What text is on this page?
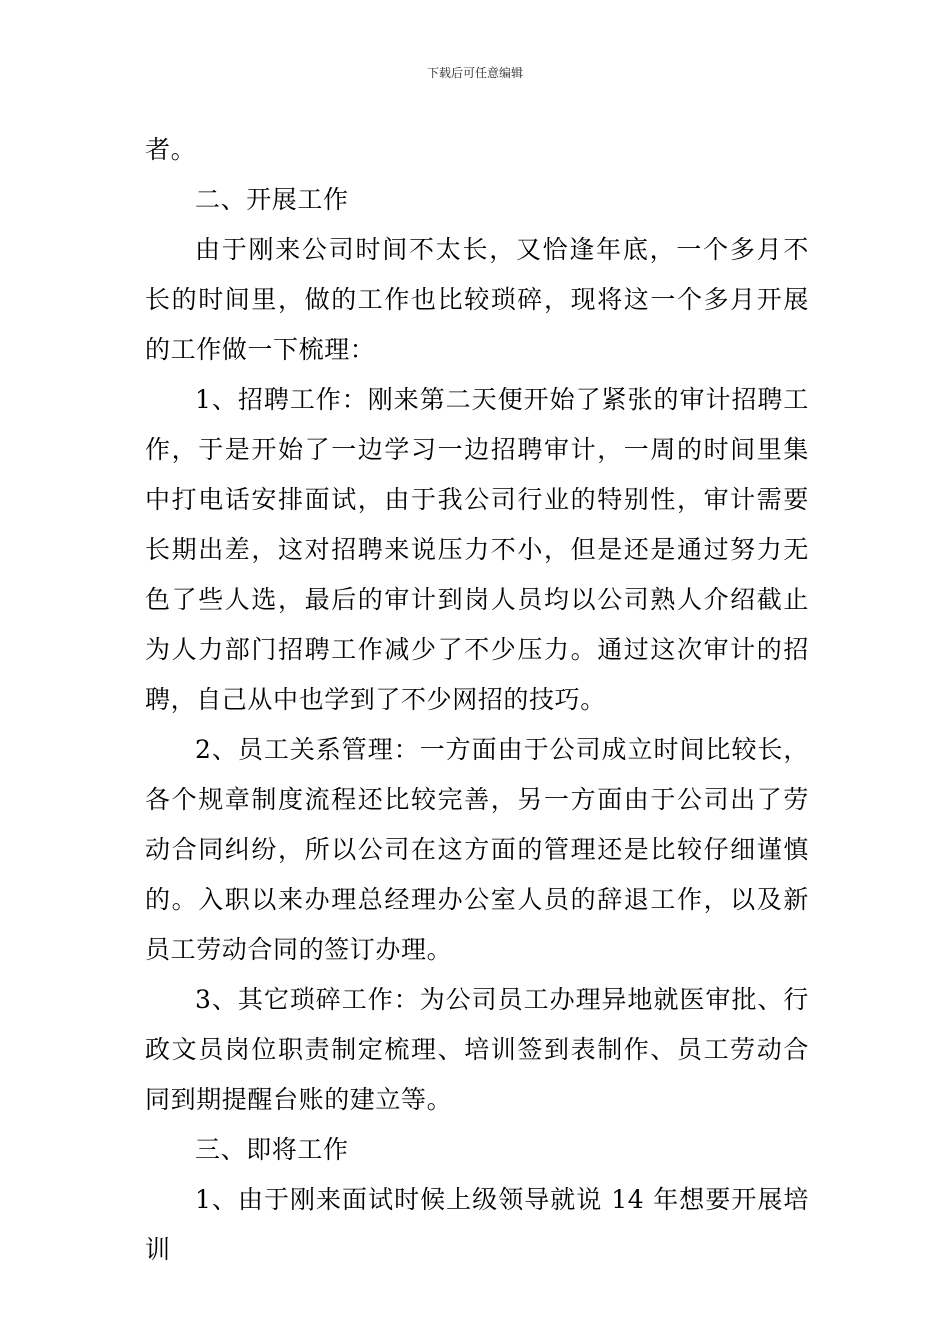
下载后可任意编辑

者。

二、开展工作

由于刚来公司时间不太长，又恰逢年底，一个多月不长的时间里，做的工作也比较琐碎，现将这一个多月开展的工作做一下梳理：

1、招聘工作：刚来第二天便开始了紧张的审计招聘工作，于是开始了一边学习一边招聘审计，一周的时间里集中打电话安排面试，由于我公司行业的特别性，审计需要长期出差，这对招聘来说压力不小，但是还是通过努力无色了些人选，最后的审计到岗人员均以公司熟人介绍截止为人力部门招聘工作减少了不少压力。通过这次审计的招聘，自己从中也学到了不少网招的技巧。

2、员工关系管理：一方面由于公司成立时间比较长，各个规章制度流程还比较完善，另一方面由于公司出了劳动合同纠纷，所以公司在这方面的管理还是比较仔细谨慎的。入职以来办理总经理办公室人员的辞退工作，以及新员工劳动合同的签订办理。

3、其它琐碎工作：为公司员工办理异地就医审批、行政文员岗位职责制定梳理、培训签到表制作、员工劳动合同到期提醒台账的建立等。

三、即将工作

1、由于刚来面试时候上级领导就说 14 年想要开展培训
